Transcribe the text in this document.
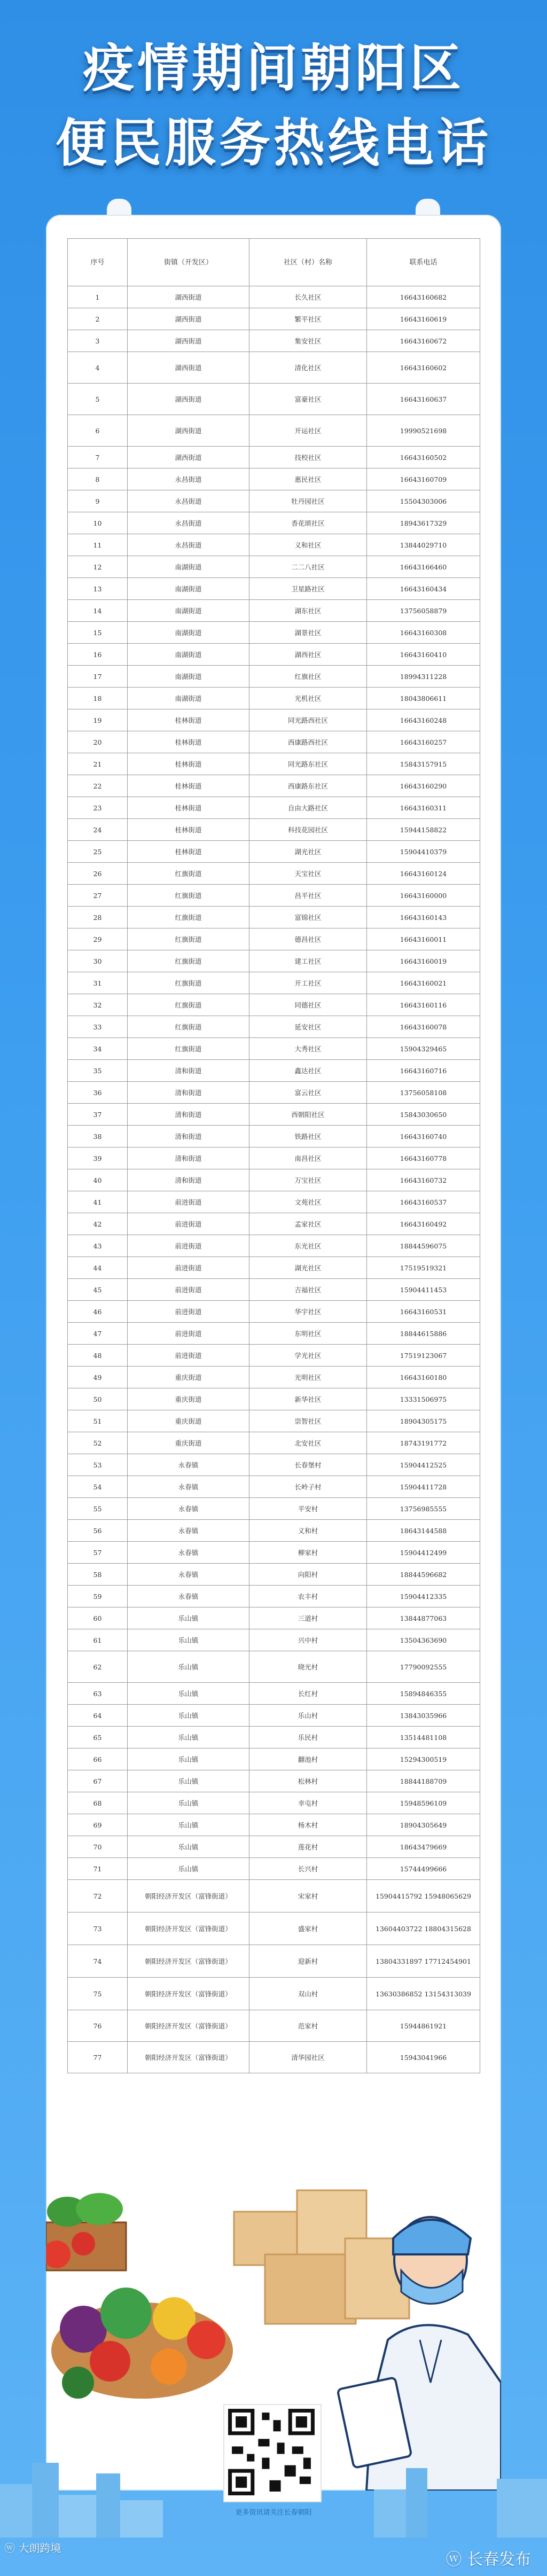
疫情期间朝阳区
便民服务热线电话
序号	街镇（开发区）	社区（村）名称	联系电话
1	湖西街道	长久社区	16643160682
2	湖西街道	繁平社区	16643160619
3	湖西街道	集安社区	16643160672
4	湖西街道	清化社区	16643160602
5	湖西街道	富豪社区	16643160637
6	湖西街道	开运社区	19990521698
7	湖西街道	技校社区	16643160502
8	永昌街道	惠民社区	16643160709
9	永昌街道	牡丹园社区	15504303006
10	永昌街道	香花颂社区	18943617329
11	永昌街道	义和社区	13844029710
12	南湖街道	二二八社区	16643166460
13	南湖街道	卫星路社区	16643160434
14	南湖街道	湖东社区	13756058879
15	南湖街道	湖景社区	16643160308
16	南湖街道	湖西社区	16643160410
17	南湖街道	红旗社区	18994311228
18	南湖街道	光机社区	18043806611
19	桂林街道	同光路西社区	16643160248
20	桂林街道	西康路西社区	16643160257
21	桂林街道	同光路东社区	15843157915
22	桂林街道	西康路东社区	16643160290
23	桂林街道	自由大路社区	16643160311
24	桂林街道	科技花园社区	15944158822
25	桂林街道	湖光社区	15904410379
26	红旗街道	天宝社区	16643160124
27	红旗街道	昌平社区	16643160000
28	红旗街道	富锦社区	16643160143
29	红旗街道	德昌社区	16643160011
30	红旗街道	建工社区	16643160019
31	红旗街道	开工社区	16643160021
32	红旗街道	同德社区	16643160116
33	红旗街道	延安社区	16643160078
34	红旗街道	大秀社区	15904329465
35	清和街道	鑫达社区	16643160716
36	清和街道	富云社区	13756058108
37	清和街道	西朝阳社区	15843030650
38	清和街道	铁路社区	16643160740
39	清和街道	南昌社区	16643160778
40	清和街道	万宝社区	16643160732
41	前进街道	文苑社区	16643160537
42	前进街道	孟家社区	16643160492
43	前进街道	东光社区	18844596075
44	前进街道	湖光社区	17519519321
45	前进街道	吉福社区	15904411453
46	前进街道	华宇社区	16643160531
47	前进街道	东明社区	18844615886
48	前进街道	学光社区	17519123067
49	重庆街道	光明社区	16643160180
50	重庆街道	新华社区	13331506975
51	重庆街道	崇智社区	18904305175
52	重庆街道	北安社区	18743191772
53	永春镇	长春堡村	15904412525
54	永春镇	长岭子村	15904411728
55	永春镇	平安村	13756985555
56	永春镇	义和村	18643144588
57	永春镇	柳家村	15904412499
58	永春镇	向阳村	18844596682
59	永春镇	农丰村	15904412335
60	乐山镇	三道村	13844877063
61	乐山镇	兴中村	13504363690
62	乐山镇	晓光村	17790092555
63	乐山镇	长红村	15894846355
64	乐山镇	乐山村	13843035966
65	乐山镇	乐民村	13514481108
66	乐山镇	翻池村	15294300519
67	乐山镇	松林村	18844188709
68	乐山镇	幸屯村	15948596109
69	乐山镇	杨木村	18904305649
70	乐山镇	莲花村	18643479669
71	乐山镇	长兴村	15744499666
72	朝阳经济开发区（富锋街道）	宋家村	15904415792 15948065629
73	朝阳经济开发区（富锋街道）	盛家村	13604403722 18804315628
74	朝阳经济开发区（富锋街道）	迎新村	13804331897 17712454901
75	朝阳经济开发区（富锋街道）	双山村	13630386852 13154313039
76	朝阳经济开发区（富锋街道）	范家村	15944861921
77	朝阳经济开发区（富锋街道）	清华园社区	15943041966
更多资讯请关注长春朝阳
ⓦ 大朗跨境
ⓦ 长春发布
